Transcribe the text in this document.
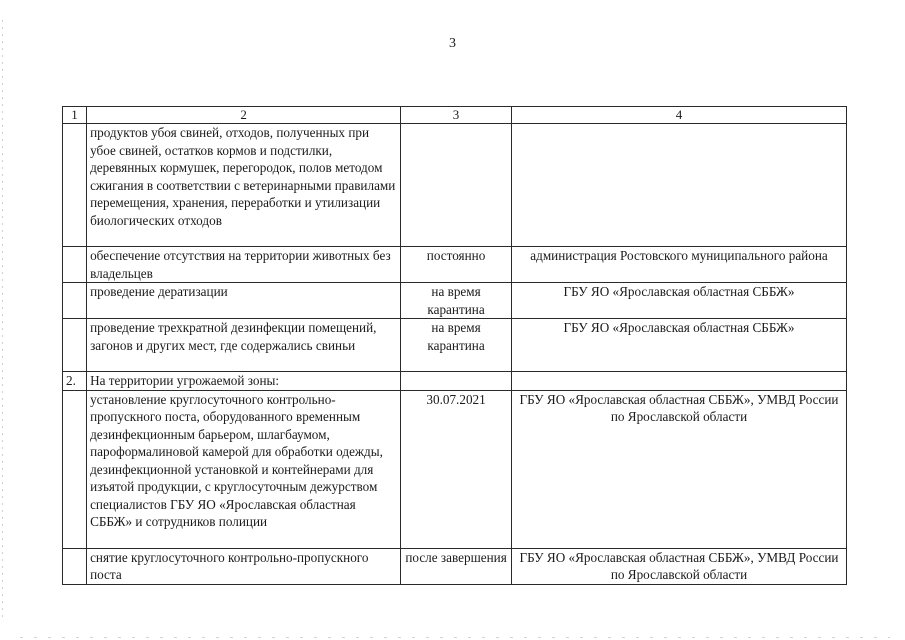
3
1	2	3	4
	продуктов убоя свиней, отходов, полученных при убое свиней, остатков кормов и подстилки, деревянных кормушек, перегородок, полов методом сжигания в соответствии с ветеринарными правилами перемещения, хранения, переработки и утилизации биологических отходов		
	обеспечение отсутствия на территории животных без владельцев	постоянно	администрация Ростовского муниципального района
	проведение дератизации	на время карантина	ГБУ ЯО «Ярославская областная СББЖ»
	проведение трехкратной дезинфекции помещений, загонов и других мест, где содержались свиньи	на время карантина	ГБУ ЯО «Ярославская областная СББЖ»
2.	На территории угрожаемой зоны:		
	установление круглосуточного контрольно-пропускного поста, оборудованного временным дезинфекционным барьером, шлагбаумом, пароформалиновой камерой для обработки одежды, дезинфекционной установкой и контейнерами для изъятой продукции, с круглосуточным дежурством специалистов ГБУ ЯО «Ярославская областная СББЖ» и сотрудников полиции	30.07.2021	ГБУ ЯО «Ярославская областная СББЖ», УМВД России по Ярославской области
	снятие круглосуточного контрольно-пропускного поста	после завершения	ГБУ ЯО «Ярославская областная СББЖ», УМВД России по Ярославской области
